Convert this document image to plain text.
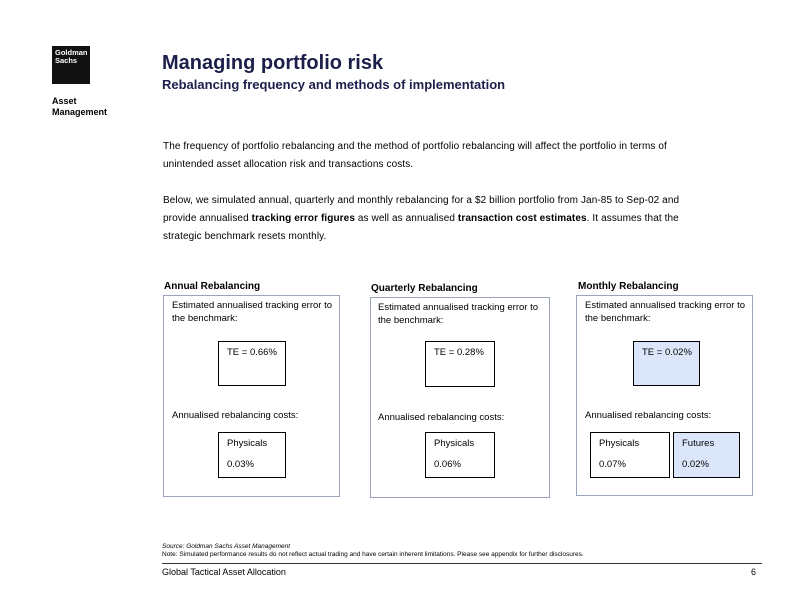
Goldman
Sachs
Asset
Management
Managing portfolio risk
Rebalancing frequency and methods of implementation
The frequency of portfolio rebalancing and the method of portfolio rebalancing will affect the portfolio in terms of unintended asset allocation risk and transactions costs.
Below, we simulated annual, quarterly and monthly rebalancing for a $2 billion portfolio from Jan-85 to Sep-02 and provide annualised tracking error figures as well as annualised transaction cost estimates. It assumes that the strategic benchmark resets monthly.
Annual Rebalancing
Estimated annualised tracking error to the benchmark:
TE = 0.66%
Annualised rebalancing costs:
Physicals
0.03%
Quarterly Rebalancing
Estimated annualised tracking error to the benchmark:
TE = 0.28%
Annualised rebalancing costs:
Physicals
0.06%
Monthly Rebalancing
Estimated annualised tracking error to the benchmark:
TE = 0.02%
Annualised rebalancing costs:
Physicals
0.07%
Futures
0.02%
Source: Goldman Sachs Asset Management
Note: Simulated performance results do not reflect actual trading and have certain inherent limitations. Please see appendix for further disclosures.
Global Tactical Asset Allocation	6
